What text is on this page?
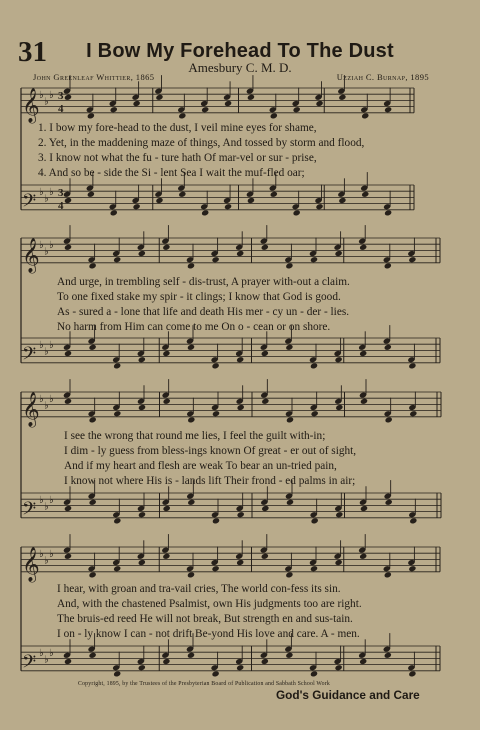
31	I Bow My Forehead To The Dust
Amesbury C. M. D.
John Greenleaf Whittier, 1865	Uzziah C. Burnap, 1895
𝄞 ♭
♭
♭
𝄢 ♭
♭
♭
𝄞 ♭
♭
♭
𝄢 ♭
♭
♭
𝄞 ♭
♭
♭
𝄢 ♭
♭
♭
𝄞 ♭
♭
♭
𝄢 ♭
♭
♭
3
4
3
4
1. I bow my fore-head to the dust, I veil mine eyes for shame,
2. Yet, in the maddening maze of things, And tossed by storm and flood,
3. I know not what the fu - ture hath Of mar-vel or sur - prise,
4. And so be - side the Si - lent Sea I wait the muf-fled oar;
And urge, in trembling self - dis-trust, A prayer with-out a claim.
To one fixed stake my spir - it clings; I know that God is good.
As - sured a - lone that life and death His mer - cy un - der - lies.
No harm from Him can come to me On o - cean or on shore.
I see the wrong that round me lies, I feel the guilt with-in;
I dim - ly guess from bless-ings known Of great - er out of sight,
And if my heart and flesh are weak To bear an un-tried pain,
I know not where His is - lands lift Their frond - ed palms in air;
I hear, with groan and tra-vail cries, The world con-fess its sin.
And, with the chastened Psalmist, own His judgments too are right.
The bruis-ed reed He will not break, But strength en and sus-tain.
I on - ly know I can - not drift Be-yond His love and care. A - men.
Copyright, 1895, by the Trustees of the Presbyterian Board of Publication and Sabbath School Work
God's Guidance and Care
